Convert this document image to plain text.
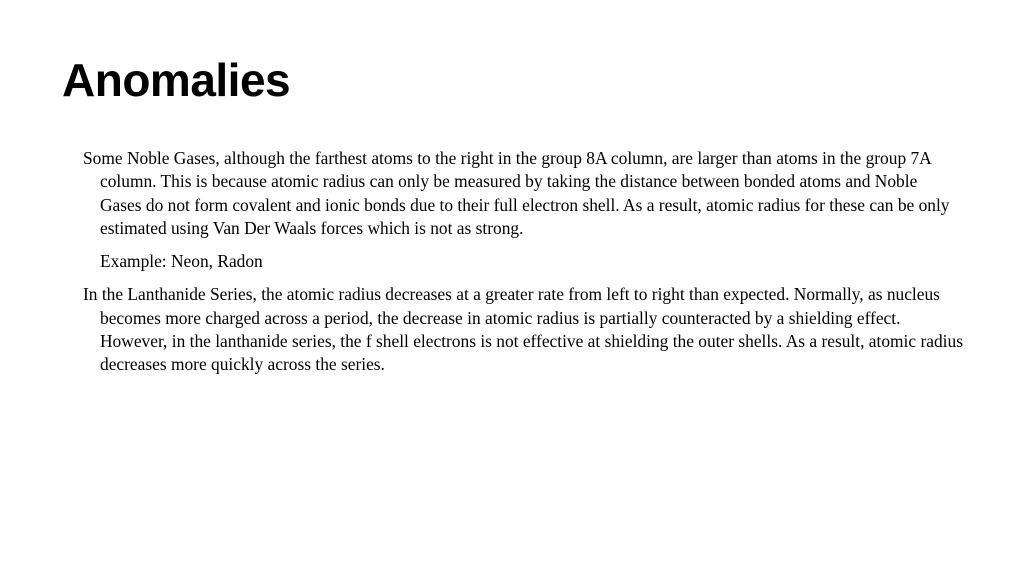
Anomalies

Some Noble Gases, although the farthest atoms to the right in the group 8A column, are larger than atoms in the group 7A column. This is because atomic radius can only be measured by taking the distance between bonded atoms and Noble Gases do not form covalent and ionic bonds due to their full electron shell. As a result, atomic radius for these can be only estimated using Van Der Waals forces which is not as strong.

Example: Neon, Radon

In the Lanthanide Series, the atomic radius decreases at a greater rate from left to right than expected. Normally, as nucleus becomes more charged across a period, the decrease in atomic radius is partially counteracted by a shielding effect. However, in the lanthanide series, the f shell electrons is not effective at shielding the outer shells. As a result, atomic radius decreases more quickly across the series.
